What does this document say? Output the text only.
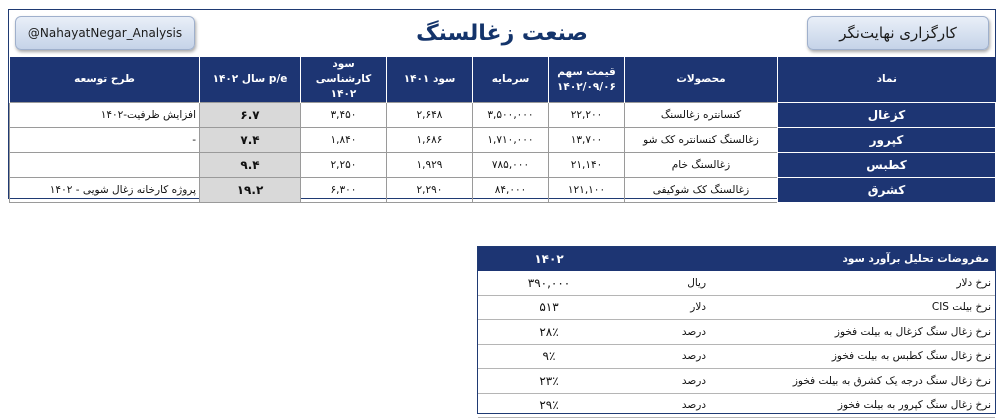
@NahayatNegar_Analysis	صنعت زغالسنگ	کارگزاری نهایت‌نگر
نماد	محصولات	قیمت سهم ۱۴۰۲/۰۹/۰۶	سرمایه	سود ۱۴۰۱	سود کارشناسی ۱۴۰۲	p/e سال ۱۴۰۲	طرح توسعه
کزغال	کنسانتره زغالسنگ	۲۲,۲۰۰	۳,۵۰۰,۰۰۰	۲,۶۴۸	۳,۴۵۰	۶.۷	افزایش ظرفیت-۱۴۰۲
کپرور	زغالسنگ کنسانتره کک شو	۱۳,۷۰۰	۱,۷۱۰,۰۰۰	۱,۶۸۶	۱,۸۴۰	۷.۴	-
کطبس	زغالسنگ خام	۲۱,۱۴۰	۷۸۵,۰۰۰	۱,۹۲۹	۲,۲۵۰	۹.۴	
کشرق	زغالسنگ کک شوکیفی	۱۲۱,۱۰۰	۸۴,۰۰۰	۲,۲۹۰	۶,۳۰۰	۱۹.۲	پروژه کارخانه زغال شویی - ۱۴۰۲
مفروضات تحلیل برآورد سود		۱۴۰۲
نرخ دلار	ریال	۳۹۰,۰۰۰
نرخ بیلت CIS	دلار	۵۱۳
نرخ زغال سنگ کزغال به بیلت فخوز	درصد	۲۸٪
نرخ زغال سنگ کطبس به بیلت فخوز	درصد	۹٪
نرخ زغال سنگ درجه یک کشرق به بیلت فخوز	درصد	۲۳٪
نرخ زغال سنگ کپرور به بیلت فخوز	درصد	۲۹٪
